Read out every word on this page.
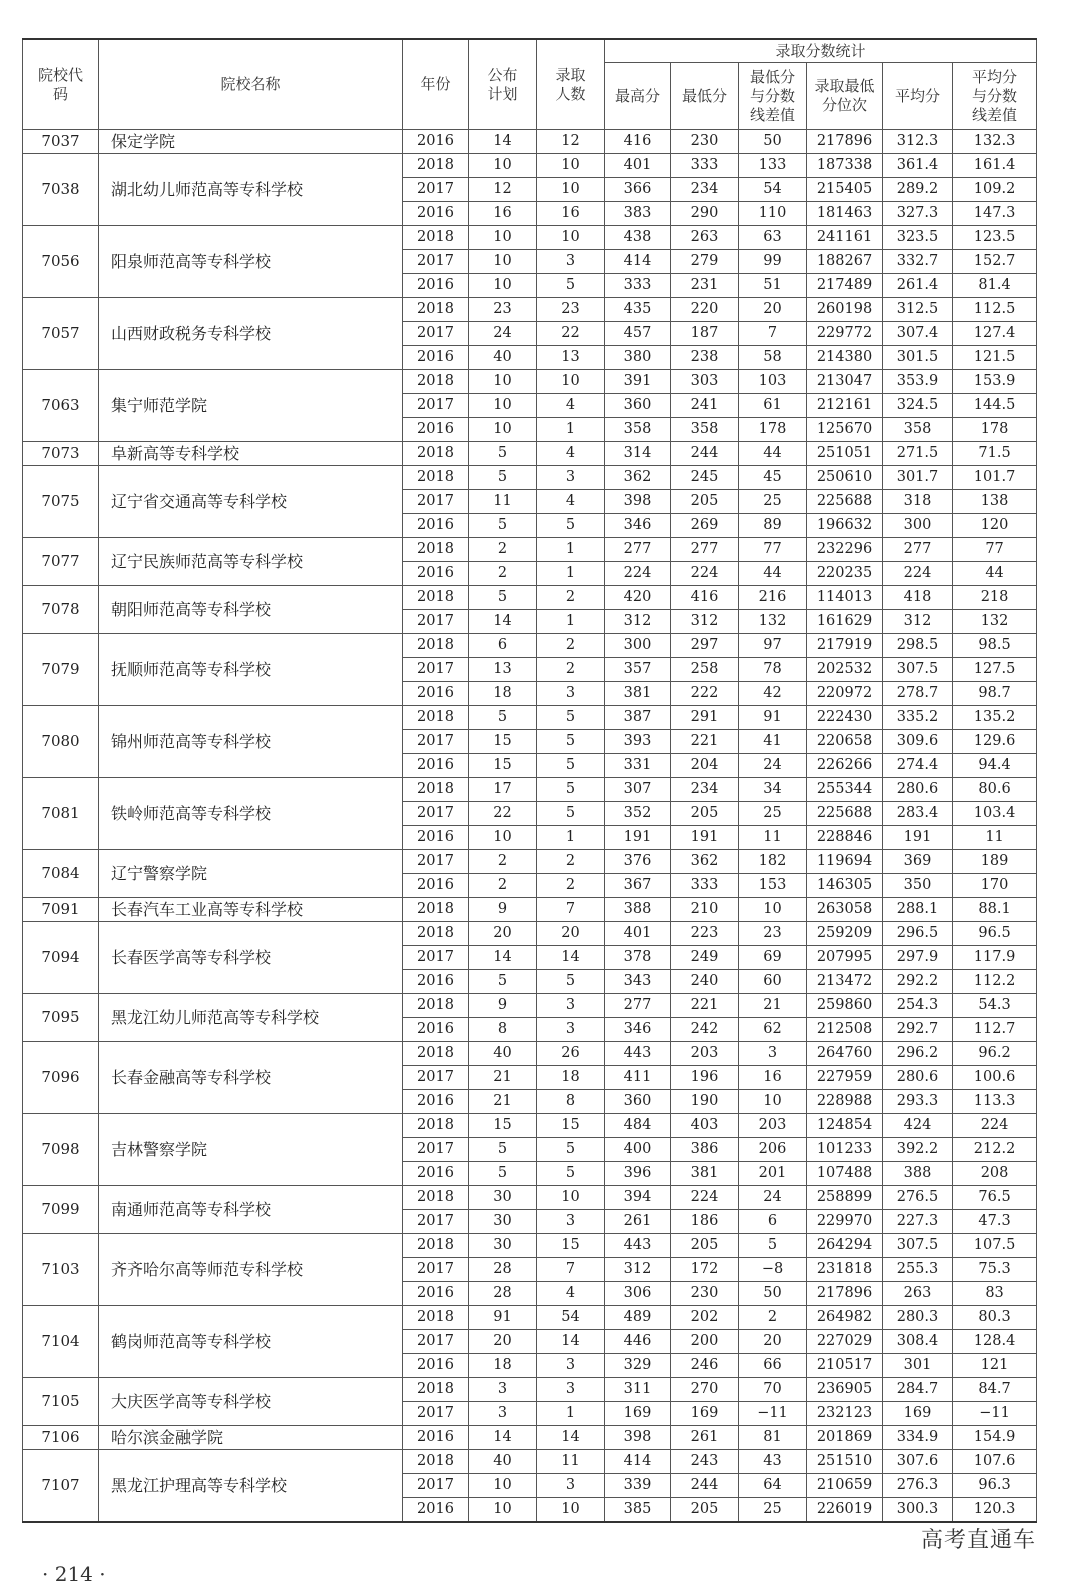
院校代码	院校名称	年份	公布计划	录取人数	录取分数统计					
					最高分	最低分	最低分与分数线差值	录取最低分位次	平均分	平均分与分数线差值
7037	保定学院	2016	14	12	416	230	50	217896	312.3	132.3
7038	湖北幼儿师范高等专科学校	2018	10	10	401	333	133	187338	361.4	161.4
		2017	12	10	366	234	54	215405	289.2	109.2
		2016	16	16	383	290	110	181463	327.3	147.3
7056	阳泉师范高等专科学校	2018	10	10	438	263	63	241161	323.5	123.5
		2017	10	3	414	279	99	188267	332.7	152.7
		2016	10	5	333	231	51	217489	261.4	81.4
7057	山西财政税务专科学校	2018	23	23	435	220	20	260198	312.5	112.5
		2017	24	22	457	187	7	229772	307.4	127.4
		2016	40	13	380	238	58	214380	301.5	121.5
7063	集宁师范学院	2018	10	10	391	303	103	213047	353.9	153.9
		2017	10	4	360	241	61	212161	324.5	144.5
		2016	10	1	358	358	178	125670	358	178
7073	阜新高等专科学校	2018	5	4	314	244	44	251051	271.5	71.5
7075	辽宁省交通高等专科学校	2018	5	3	362	245	45	250610	301.7	101.7
		2017	11	4	398	205	25	225688	318	138
		2016	5	5	346	269	89	196632	300	120
7077	辽宁民族师范高等专科学校	2018	2	1	277	277	77	232296	277	77
		2016	2	1	224	224	44	220235	224	44
7078	朝阳师范高等专科学校	2018	5	2	420	416	216	114013	418	218
		2017	14	1	312	312	132	161629	312	132
7079	抚顺师范高等专科学校	2018	6	2	300	297	97	217919	298.5	98.5
		2017	13	2	357	258	78	202532	307.5	127.5
		2016	18	3	381	222	42	220972	278.7	98.7
7080	锦州师范高等专科学校	2018	5	5	387	291	91	222430	335.2	135.2
		2017	15	5	393	221	41	220658	309.6	129.6
		2016	15	5	331	204	24	226266	274.4	94.4
7081	铁岭师范高等专科学校	2018	17	5	307	234	34	255344	280.6	80.6
		2017	22	5	352	205	25	225688	283.4	103.4
		2016	10	1	191	191	11	228846	191	11
7084	辽宁警察学院	2017	2	2	376	362	182	119694	369	189
		2016	2	2	367	333	153	146305	350	170
7091	长春汽车工业高等专科学校	2018	9	7	388	210	10	263058	288.1	88.1
7094	长春医学高等专科学校	2018	20	20	401	223	23	259209	296.5	96.5
		2017	14	14	378	249	69	207995	297.9	117.9
		2016	5	5	343	240	60	213472	292.2	112.2
7095	黑龙江幼儿师范高等专科学校	2018	9	3	277	221	21	259860	254.3	54.3
		2016	8	3	346	242	62	212508	292.7	112.7
7096	长春金融高等专科学校	2018	40	26	443	203	3	264760	296.2	96.2
		2017	21	18	411	196	16	227959	280.6	100.6
		2016	21	8	360	190	10	228988	293.3	113.3
7098	吉林警察学院	2018	15	15	484	403	203	124854	424	224
		2017	5	5	400	386	206	101233	392.2	212.2
		2016	5	5	396	381	201	107488	388	208
7099	南通师范高等专科学校	2018	30	10	394	224	24	258899	276.5	76.5
		2017	30	3	261	186	6	229970	227.3	47.3
7103	齐齐哈尔高等师范专科学校	2018	30	15	443	205	5	264294	307.5	107.5
		2017	28	7	312	172	−8	231818	255.3	75.3
		2016	28	4	306	230	50	217896	263	83
7104	鹤岗师范高等专科学校	2018	91	54	489	202	2	264982	280.3	80.3
		2017	20	14	446	200	20	227029	308.4	128.4
		2016	18	3	329	246	66	210517	301	121
7105	大庆医学高等专科学校	2018	3	3	311	270	70	236905	284.7	84.7
		2017	3	1	169	169	−11	232123	169	−11
7106	哈尔滨金融学院	2016	14	14	398	261	81	201869	334.9	154.9
7107	黑龙江护理高等专科学校	2018	40	11	414	243	43	251510	307.6	107.6
		2017	10	3	339	244	64	210659	276.3	96.3
		2016	10	10	385	205	25	226019	300.3	120.3
· 214 ·
高考直通车
